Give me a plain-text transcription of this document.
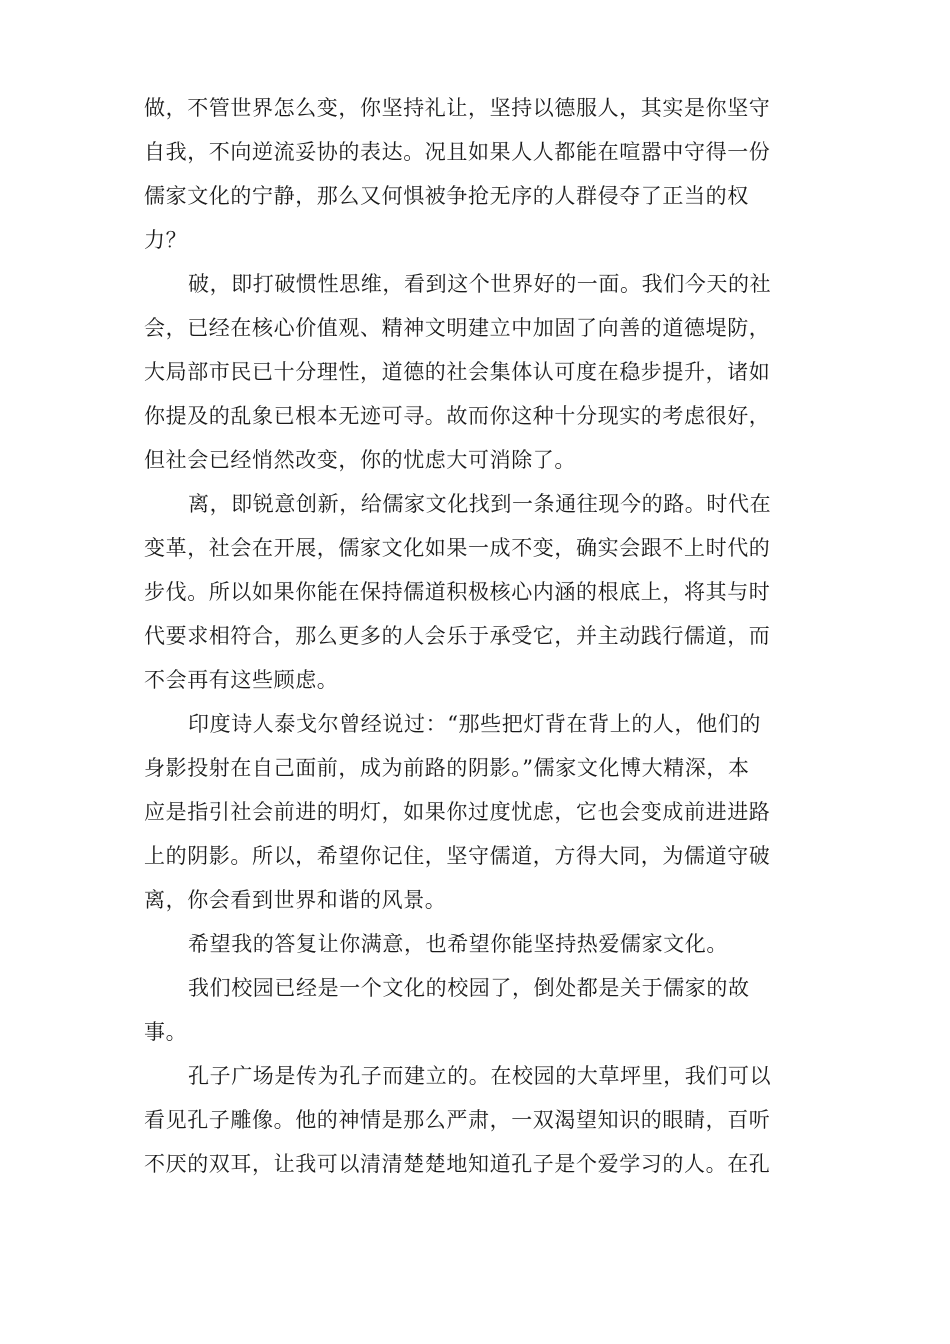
做，不管世界怎么变，你坚持礼让，坚持以德服人，其实是你坚守
自我，不向逆流妥协的表达。况且如果人人都能在喧嚣中守得一份
儒家文化的宁静，那么又何惧被争抢无序的人群侵夺了正当的权
力？
破，即打破惯性思维，看到这个世界好的一面。我们今天的社
会，已经在核心价值观、精神文明建立中加固了向善的道德堤防，
大局部市民已十分理性，道德的社会集体认可度在稳步提升，诸如
你提及的乱象已根本无迹可寻。故而你这种十分现实的考虑很好，
但社会已经悄然改变，你的忧虑大可消除了。
离，即锐意创新，给儒家文化找到一条通往现今的路。时代在
变革，社会在开展，儒家文化如果一成不变，确实会跟不上时代的
步伐。所以如果你能在保持儒道积极核心内涵的根底上，将其与时
代要求相符合，那么更多的人会乐于承受它，并主动践行儒道，而
不会再有这些顾虑。
印度诗人泰戈尔曾经说过：“那些把灯背在背上的人，他们的
身影投射在自己面前，成为前路的阴影。”儒家文化博大精深，本
应是指引社会前进的明灯，如果你过度忧虑，它也会变成前进进路
上的阴影。所以，希望你记住，坚守儒道，方得大同，为儒道守破
离，你会看到世界和谐的风景。
希望我的答复让你满意，也希望你能坚持热爱儒家文化。
我们校园已经是一个文化的校园了，倒处都是关于儒家的故
事。
孔子广场是传为孔子而建立的。在校园的大草坪里，我们可以
看见孔子雕像。他的神情是那么严肃，一双渴望知识的眼睛，百听
不厌的双耳，让我可以清清楚楚地知道孔子是个爱学习的人。在孔
